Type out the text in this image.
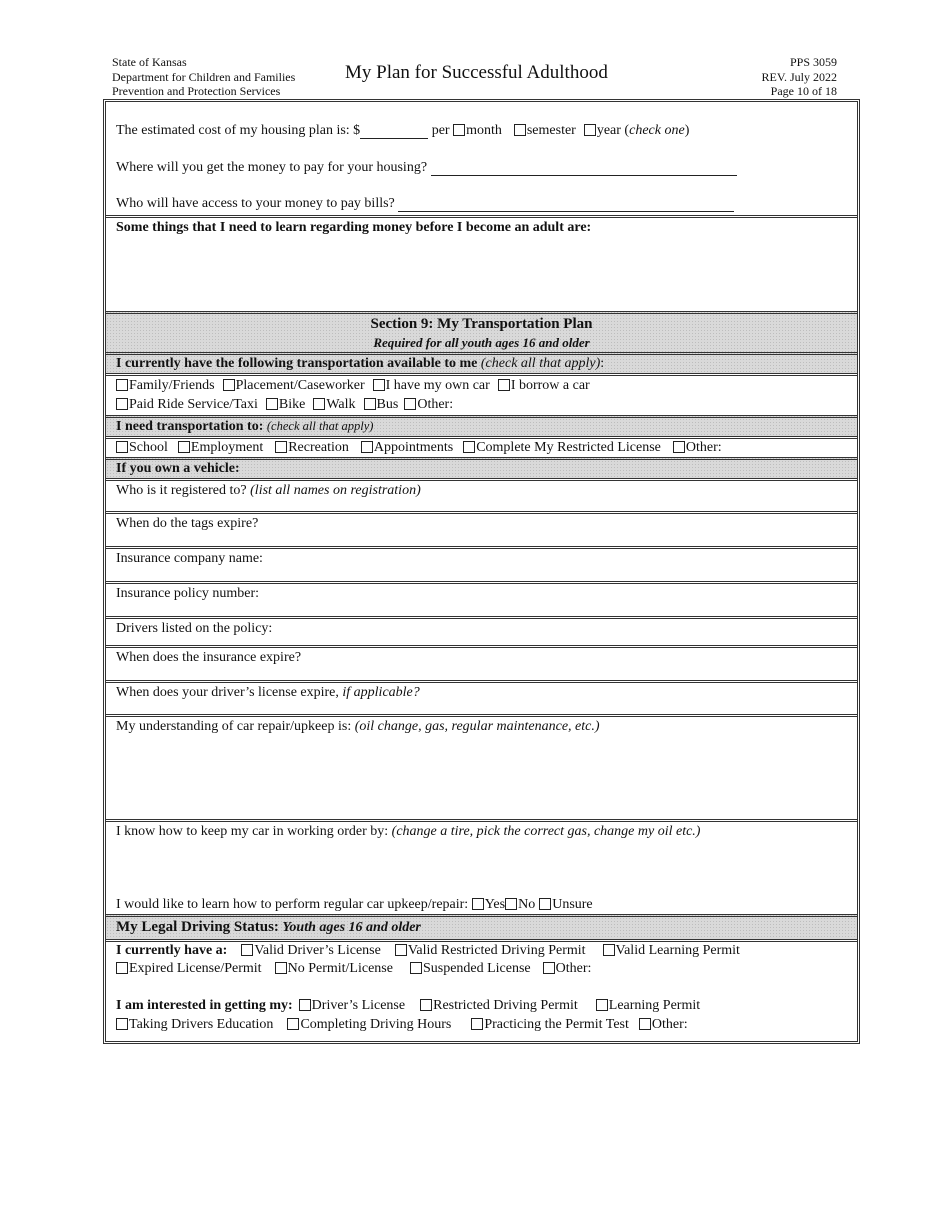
State of Kansas
Department for Children and Families
Prevention and Protection Services
My Plan for Successful Adulthood	PPS 3059
REV. July 2022
Page 10 of 18
The estimated cost of my housing plan is: $	per month semester year (check one)
Where will you get the money to pay for your housing?
Who will have access to your money to pay bills?
Some things that I need to learn regarding money before I become an adult are:
Section 9: My Transportation Plan
Required for all youth ages 16 and older
I currently have the following transportation available to me (check all that apply):
Family/Friends Placement/Caseworker I have my own car I borrow a car
Paid Ride Service/Taxi Bike Walk Bus Other:
I need transportation to: (check all that apply)
School Employment Recreation Appointments Complete My Restricted License Other:
If you own a vehicle:
Who is it registered to? (list all names on registration)
When do the tags expire?
Insurance company name:
Insurance policy number:
Drivers listed on the policy:
When does the insurance expire?
When does your driver’s license expire, if applicable?
My understanding of car repair/upkeep is: (oil change, gas, regular maintenance, etc.)
I know how to keep my car in working order by: (change a tire, pick the correct gas, change my oil etc.)
I would like to learn how to perform regular car upkeep/repair: Yes No Unsure
My Legal Driving Status: Youth ages 16 and older
I currently have a: Valid Driver’s License Valid Restricted Driving Permit Valid Learning Permit
Expired License/Permit No Permit/License Suspended License Other:
I am interested in getting my: Driver’s License Restricted Driving Permit Learning Permit
Taking Drivers Education Completing Driving Hours Practicing the Permit Test Other:
